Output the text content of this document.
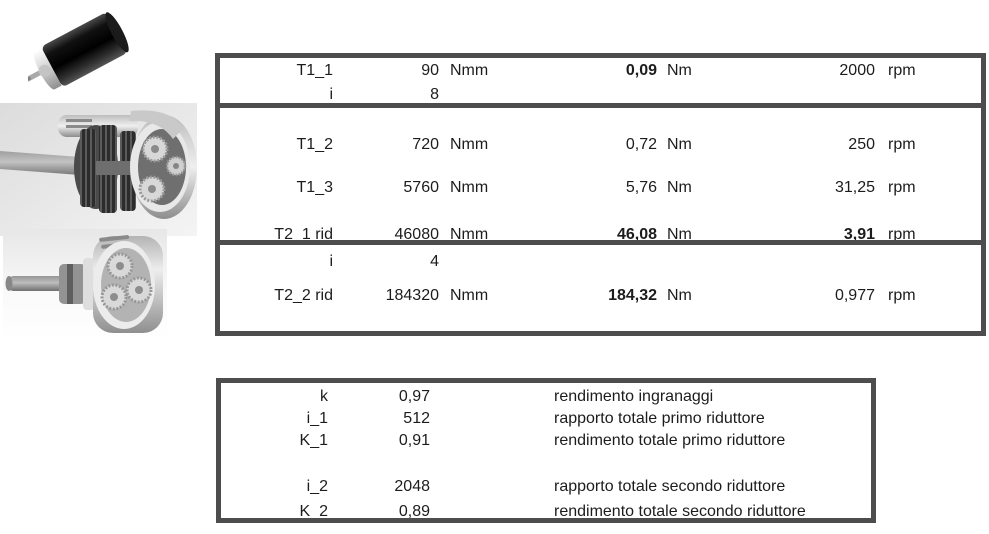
T1_1	90 Nmm	0,09 Nm	2000 rpm
i	8
T1_2	720 Nmm	0,72 Nm	250 rpm
T1_3	5760 Nmm	5,76 Nm	31,25 rpm
T2_1 rid	46080 Nmm	46,08 Nm	3,91 rpm
i	4
T2_2 rid	184320 Nmm	184,32 Nm	0,977 rpm
k	0,97	rendimento ingranaggi
i_1	512	rapporto totale primo riduttore
K_1	0,91	rendimento totale primo riduttore
i_2	2048	rapporto totale secondo riduttore
K_2	0,89	rendimento totale secondo riduttore
